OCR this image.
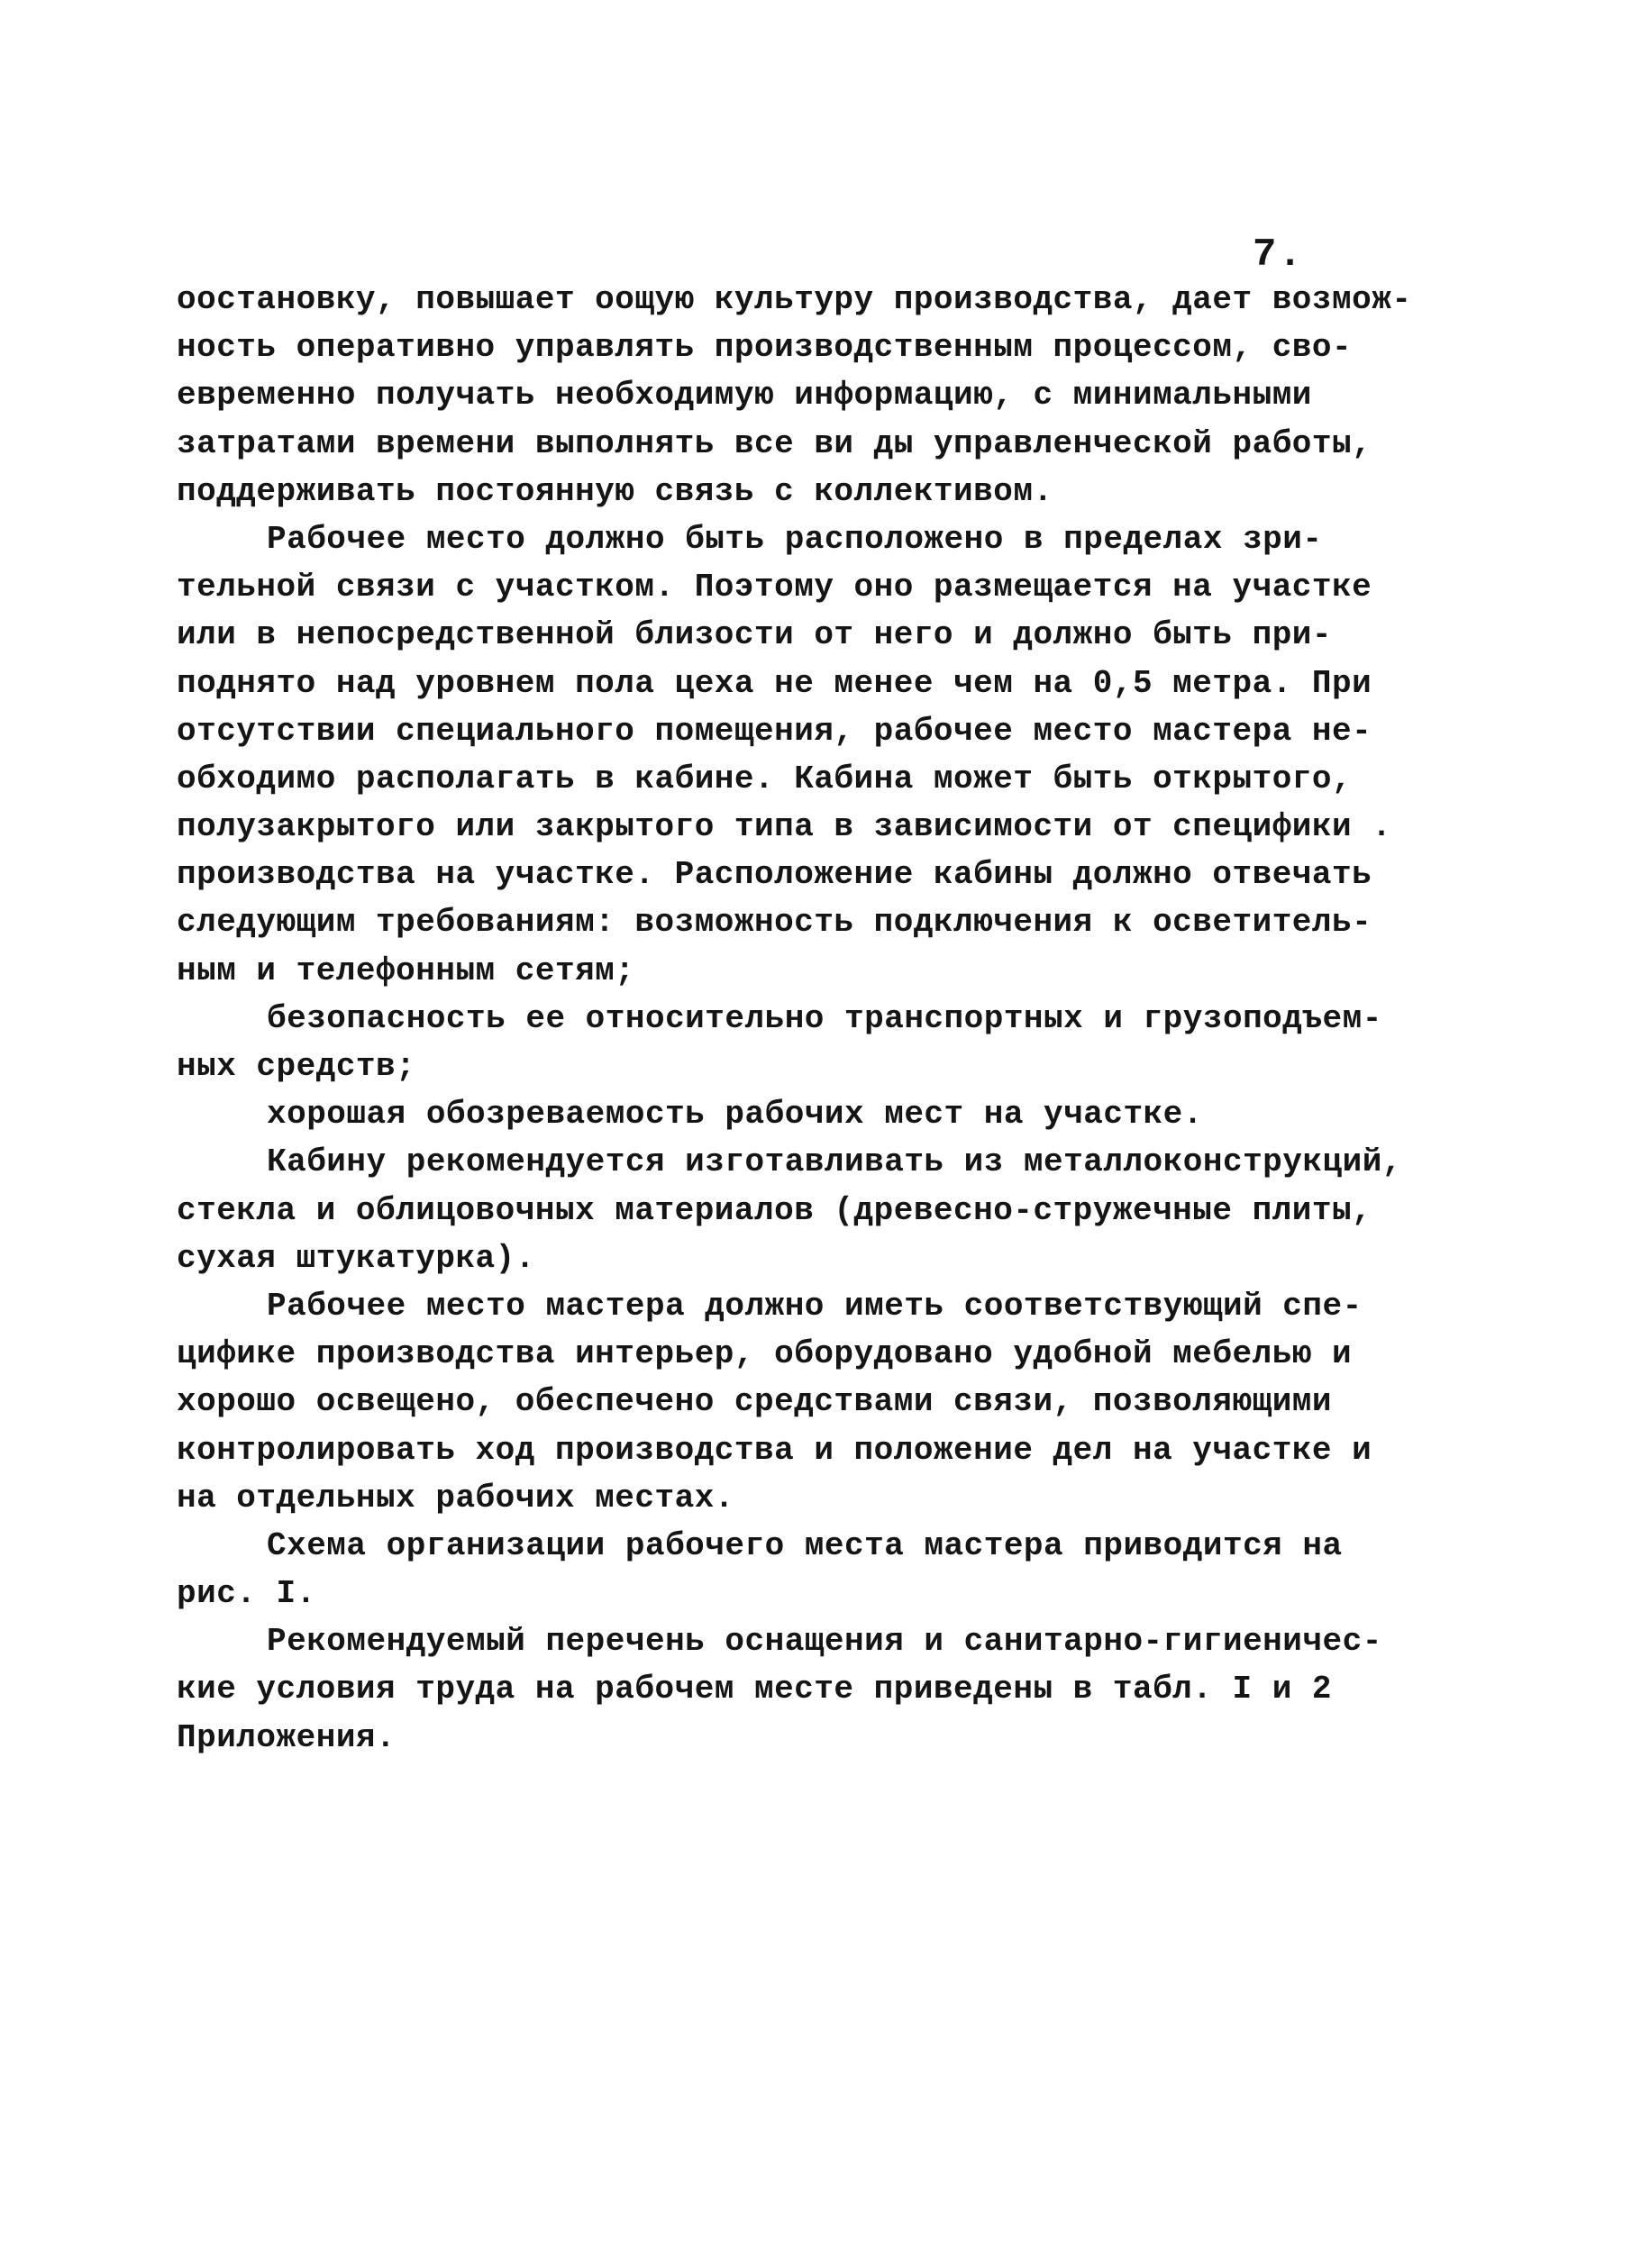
7.
оостановку, повышает оощую культуру производства, дает возмож-
ность оперативно управлять производственным процессом, сво-
евременно получать необходимую информацию, с минимальными
затратами времени выполнять все ви ды управленческой работы,
поддерживать постоянную связь с коллективом.
Рабочее место должно быть расположено в пределах зри-
тельной связи с участком. Поэтому оно размещается на участке
или в непосредственной близости от него и должно быть при-
поднято над уровнем пола цеха не менее чем на 0,5 метра. При
отсутствии специального помещения, рабочее место мастера не-
обходимо располагать в кабине. Кабина может быть открытого,
полузакрытого или закрытого типа в зависимости от специфики .
производства на участке. Расположение кабины должно отвечать
следующим требованиям: возможность подключения к осветитель-
ным и телефонным сетям;
безопасность ее относительно транспортных и грузоподъем-
ных средств;
хорошая обозреваемость рабочих мест на участке.
Кабину рекомендуется изготавливать из металлоконструкций,
стекла и облицовочных материалов (древесно-стружечные плиты,
сухая штукатурка).
Рабочее место мастера должно иметь соответствующий спе-
цифике производства интерьер, оборудовано удобной мебелью и
хорошо освещено, обеспечено средствами связи, позволяющими
контролировать ход производства и положение дел на участке и
на отдельных рабочих местах.
Схема организации рабочего места мастера приводится на
рис. I.
Рекомендуемый перечень оснащения и санитарно-гигиеничес-
кие условия труда на рабочем месте приведены в табл. I и 2
Приложения.
